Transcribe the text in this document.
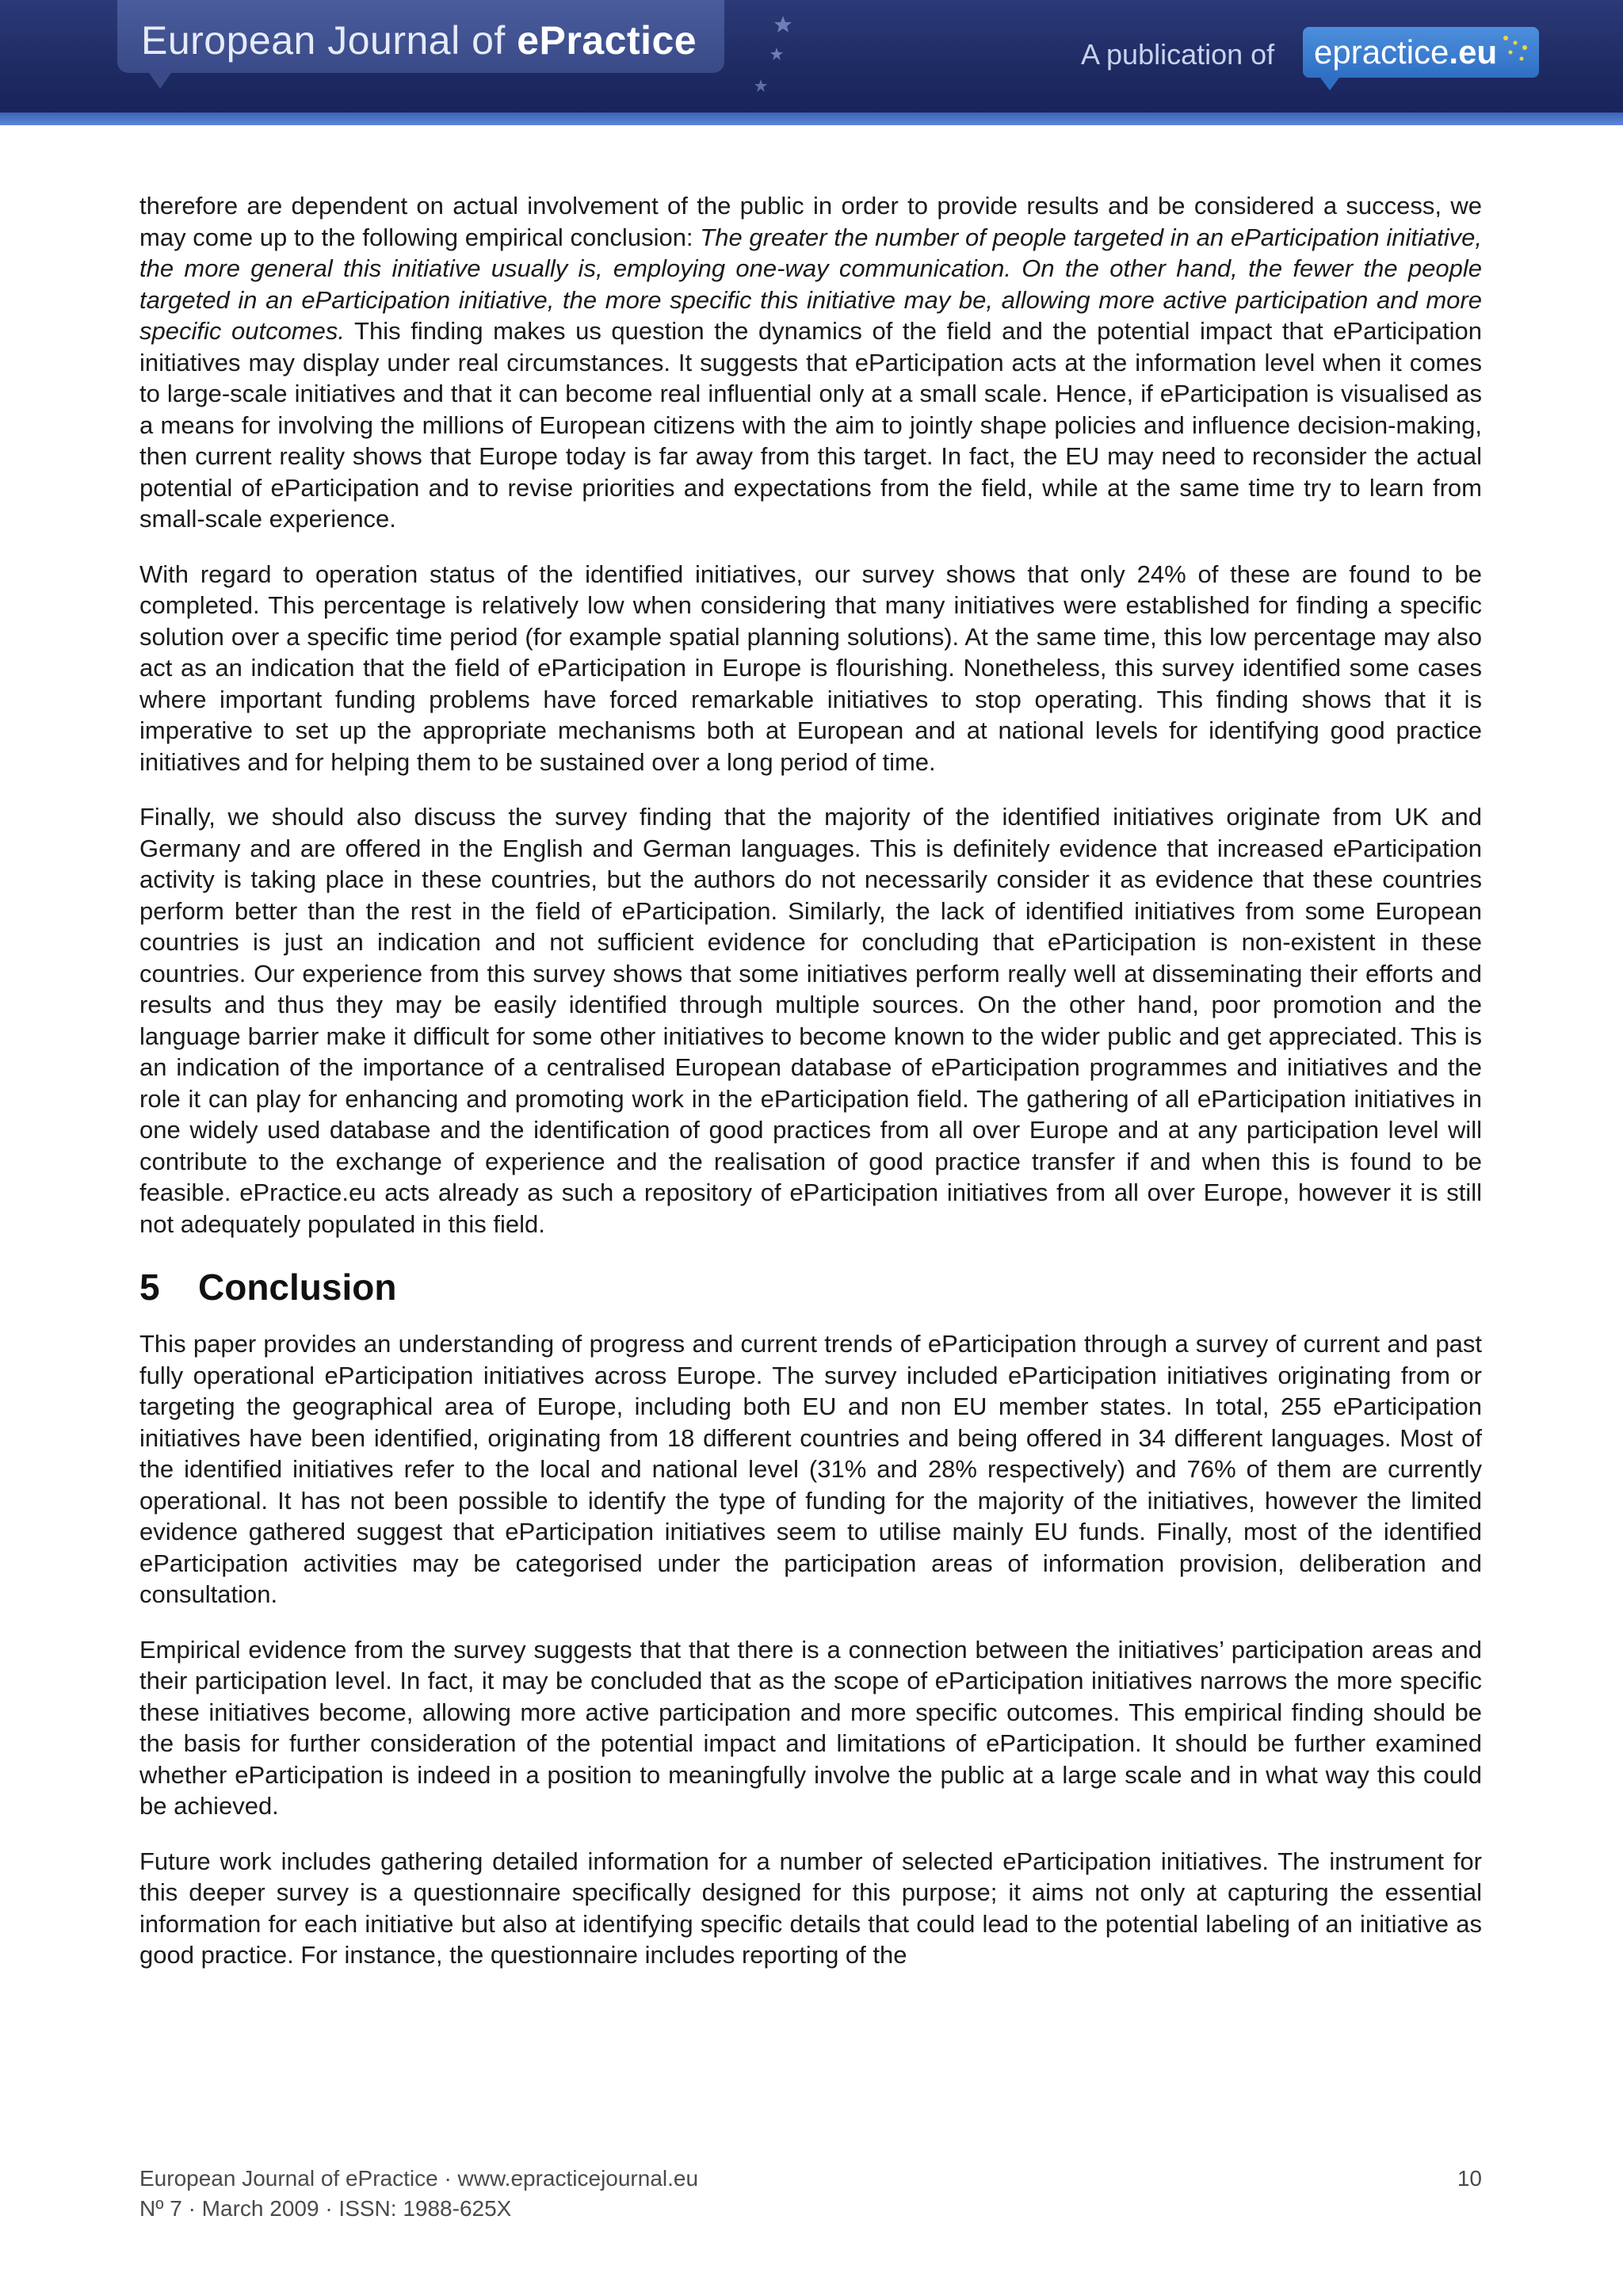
European Journal of ePractice	A publication of epractice.eu

therefore are dependent on actual involvement of the public in order to provide results and be considered a success, we may come up to the following empirical conclusion: The greater the number of people targeted in an eParticipation initiative, the more general this initiative usually is, employing one-way communication. On the other hand, the fewer the people targeted in an eParticipation initiative, the more specific this initiative may be, allowing more active participation and more specific outcomes. This finding makes us question the dynamics of the field and the potential impact that eParticipation initiatives may display under real circumstances. It suggests that eParticipation acts at the information level when it comes to large-scale initiatives and that it can become real influential only at a small scale. Hence, if eParticipation is visualised as a means for involving the millions of European citizens with the aim to jointly shape policies and influence decision-making, then current reality shows that Europe today is far away from this target. In fact, the EU may need to reconsider the actual potential of eParticipation and to revise priorities and expectations from the field, while at the same time try to learn from small-scale experience.

With regard to operation status of the identified initiatives, our survey shows that only 24% of these are found to be completed. This percentage is relatively low when considering that many initiatives were established for finding a specific solution over a specific time period (for example spatial planning solutions). At the same time, this low percentage may also act as an indication that the field of eParticipation in Europe is flourishing. Nonetheless, this survey identified some cases where important funding problems have forced remarkable initiatives to stop operating. This finding shows that it is imperative to set up the appropriate mechanisms both at European and at national levels for identifying good practice initiatives and for helping them to be sustained over a long period of time.

Finally, we should also discuss the survey finding that the majority of the identified initiatives originate from UK and Germany and are offered in the English and German languages. This is definitely evidence that increased eParticipation activity is taking place in these countries, but the authors do not necessarily consider it as evidence that these countries perform better than the rest in the field of eParticipation. Similarly, the lack of identified initiatives from some European countries is just an indication and not sufficient evidence for concluding that eParticipation is non-existent in these countries. Our experience from this survey shows that some initiatives perform really well at disseminating their efforts and results and thus they may be easily identified through multiple sources. On the other hand, poor promotion and the language barrier make it difficult for some other initiatives to become known to the wider public and get appreciated. This is an indication of the importance of a centralised European database of eParticipation programmes and initiatives and the role it can play for enhancing and promoting work in the eParticipation field. The gathering of all eParticipation initiatives in one widely used database and the identification of good practices from all over Europe and at any participation level will contribute to the exchange of experience and the realisation of good practice transfer if and when this is found to be feasible. ePractice.eu acts already as such a repository of eParticipation initiatives from all over Europe, however it is still not adequately populated in this field.

5 Conclusion

This paper provides an understanding of progress and current trends of eParticipation through a survey of current and past fully operational eParticipation initiatives across Europe. The survey included eParticipation initiatives originating from or targeting the geographical area of Europe, including both EU and non EU member states. In total, 255 eParticipation initiatives have been identified, originating from 18 different countries and being offered in 34 different languages. Most of the identified initiatives refer to the local and national level (31% and 28% respectively) and 76% of them are currently operational. It has not been possible to identify the type of funding for the majority of the initiatives, however the limited evidence gathered suggest that eParticipation initiatives seem to utilise mainly EU funds. Finally, most of the identified eParticipation activities may be categorised under the participation areas of information provision, deliberation and consultation.

Empirical evidence from the survey suggests that that there is a connection between the initiatives’ participation areas and their participation level. In fact, it may be concluded that as the scope of eParticipation initiatives narrows the more specific these initiatives become, allowing more active participation and more specific outcomes. This empirical finding should be the basis for further consideration of the potential impact and limitations of eParticipation. It should be further examined whether eParticipation is indeed in a position to meaningfully involve the public at a large scale and in what way this could be achieved.

Future work includes gathering detailed information for a number of selected eParticipation initiatives. The instrument for this deeper survey is a questionnaire specifically designed for this purpose; it aims not only at capturing the essential information for each initiative but also at identifying specific details that could lead to the potential labeling of an initiative as good practice. For instance, the questionnaire includes reporting of the

European Journal of ePractice · www.epracticejournal.eu
Nº 7 · March 2009 · ISSN: 1988-625X
10
